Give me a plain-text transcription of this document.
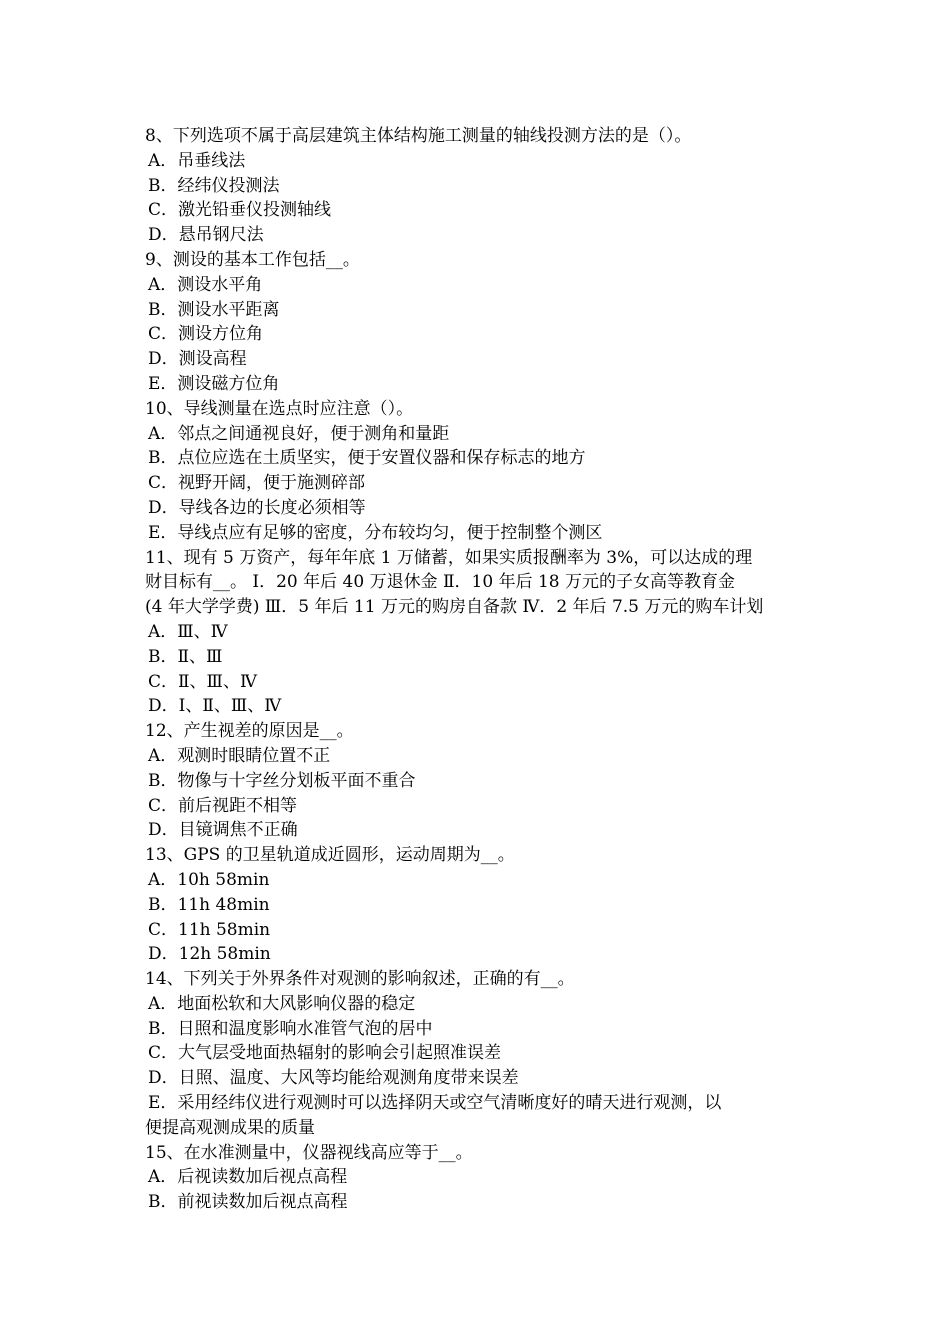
8、下列选项不属于高层建筑主体结构施工测量的轴线投测方法的是（）。
A．吊垂线法
B．经纬仪投测法
C．激光铅垂仪投测轴线
D．悬吊钢尺法
9、测设的基本工作包括__。
A．测设水平角
B．测设水平距离
C．测设方位角
D．测设高程
E．测设磁方位角
10、导线测量在选点时应注意（）。
A．邻点之间通视良好，便于测角和量距
B．点位应选在土质坚实，便于安置仪器和保存标志的地方
C．视野开阔，便于施测碎部
D．导线各边的长度必须相等
E．导线点应有足够的密度，分布较均匀，便于控制整个测区
11、现有 5 万资产，每年年底 1 万储蓄，如果实质报酬率为 3%，可以达成的理
财目标有__。 Ⅰ．20 年后 40 万退休金 Ⅱ．10 年后 18 万元的子女高等教育金
(4 年大学学费) Ⅲ．5 年后 11 万元的购房自备款 Ⅳ．2 年后 7.5 万元的购车计划
A．Ⅲ、Ⅳ
B．Ⅱ、Ⅲ
C．Ⅱ、Ⅲ、Ⅳ
D．Ⅰ、Ⅱ、Ⅲ、Ⅳ
12、产生视差的原因是__。
A．观测时眼睛位置不正
B．物像与十字丝分划板平面不重合
C．前后视距不相等
D．目镜调焦不正确
13、GPS 的卫星轨道成近圆形，运动周期为__。
A．10h 58min
B．11h 48min
C．11h 58min
D．12h 58min
14、下列关于外界条件对观测的影响叙述，正确的有__。
A．地面松软和大风影响仪器的稳定
B．日照和温度影响水准管气泡的居中
C．大气层受地面热辐射的影响会引起照准误差
D．日照、温度、大风等均能给观测角度带来误差
E．采用经纬仪进行观测时可以选择阴天或空气清晰度好的晴天进行观测，以
便提高观测成果的质量
15、在水准测量中，仪器视线高应等于__。
A．后视读数加后视点高程
B．前视读数加后视点高程
